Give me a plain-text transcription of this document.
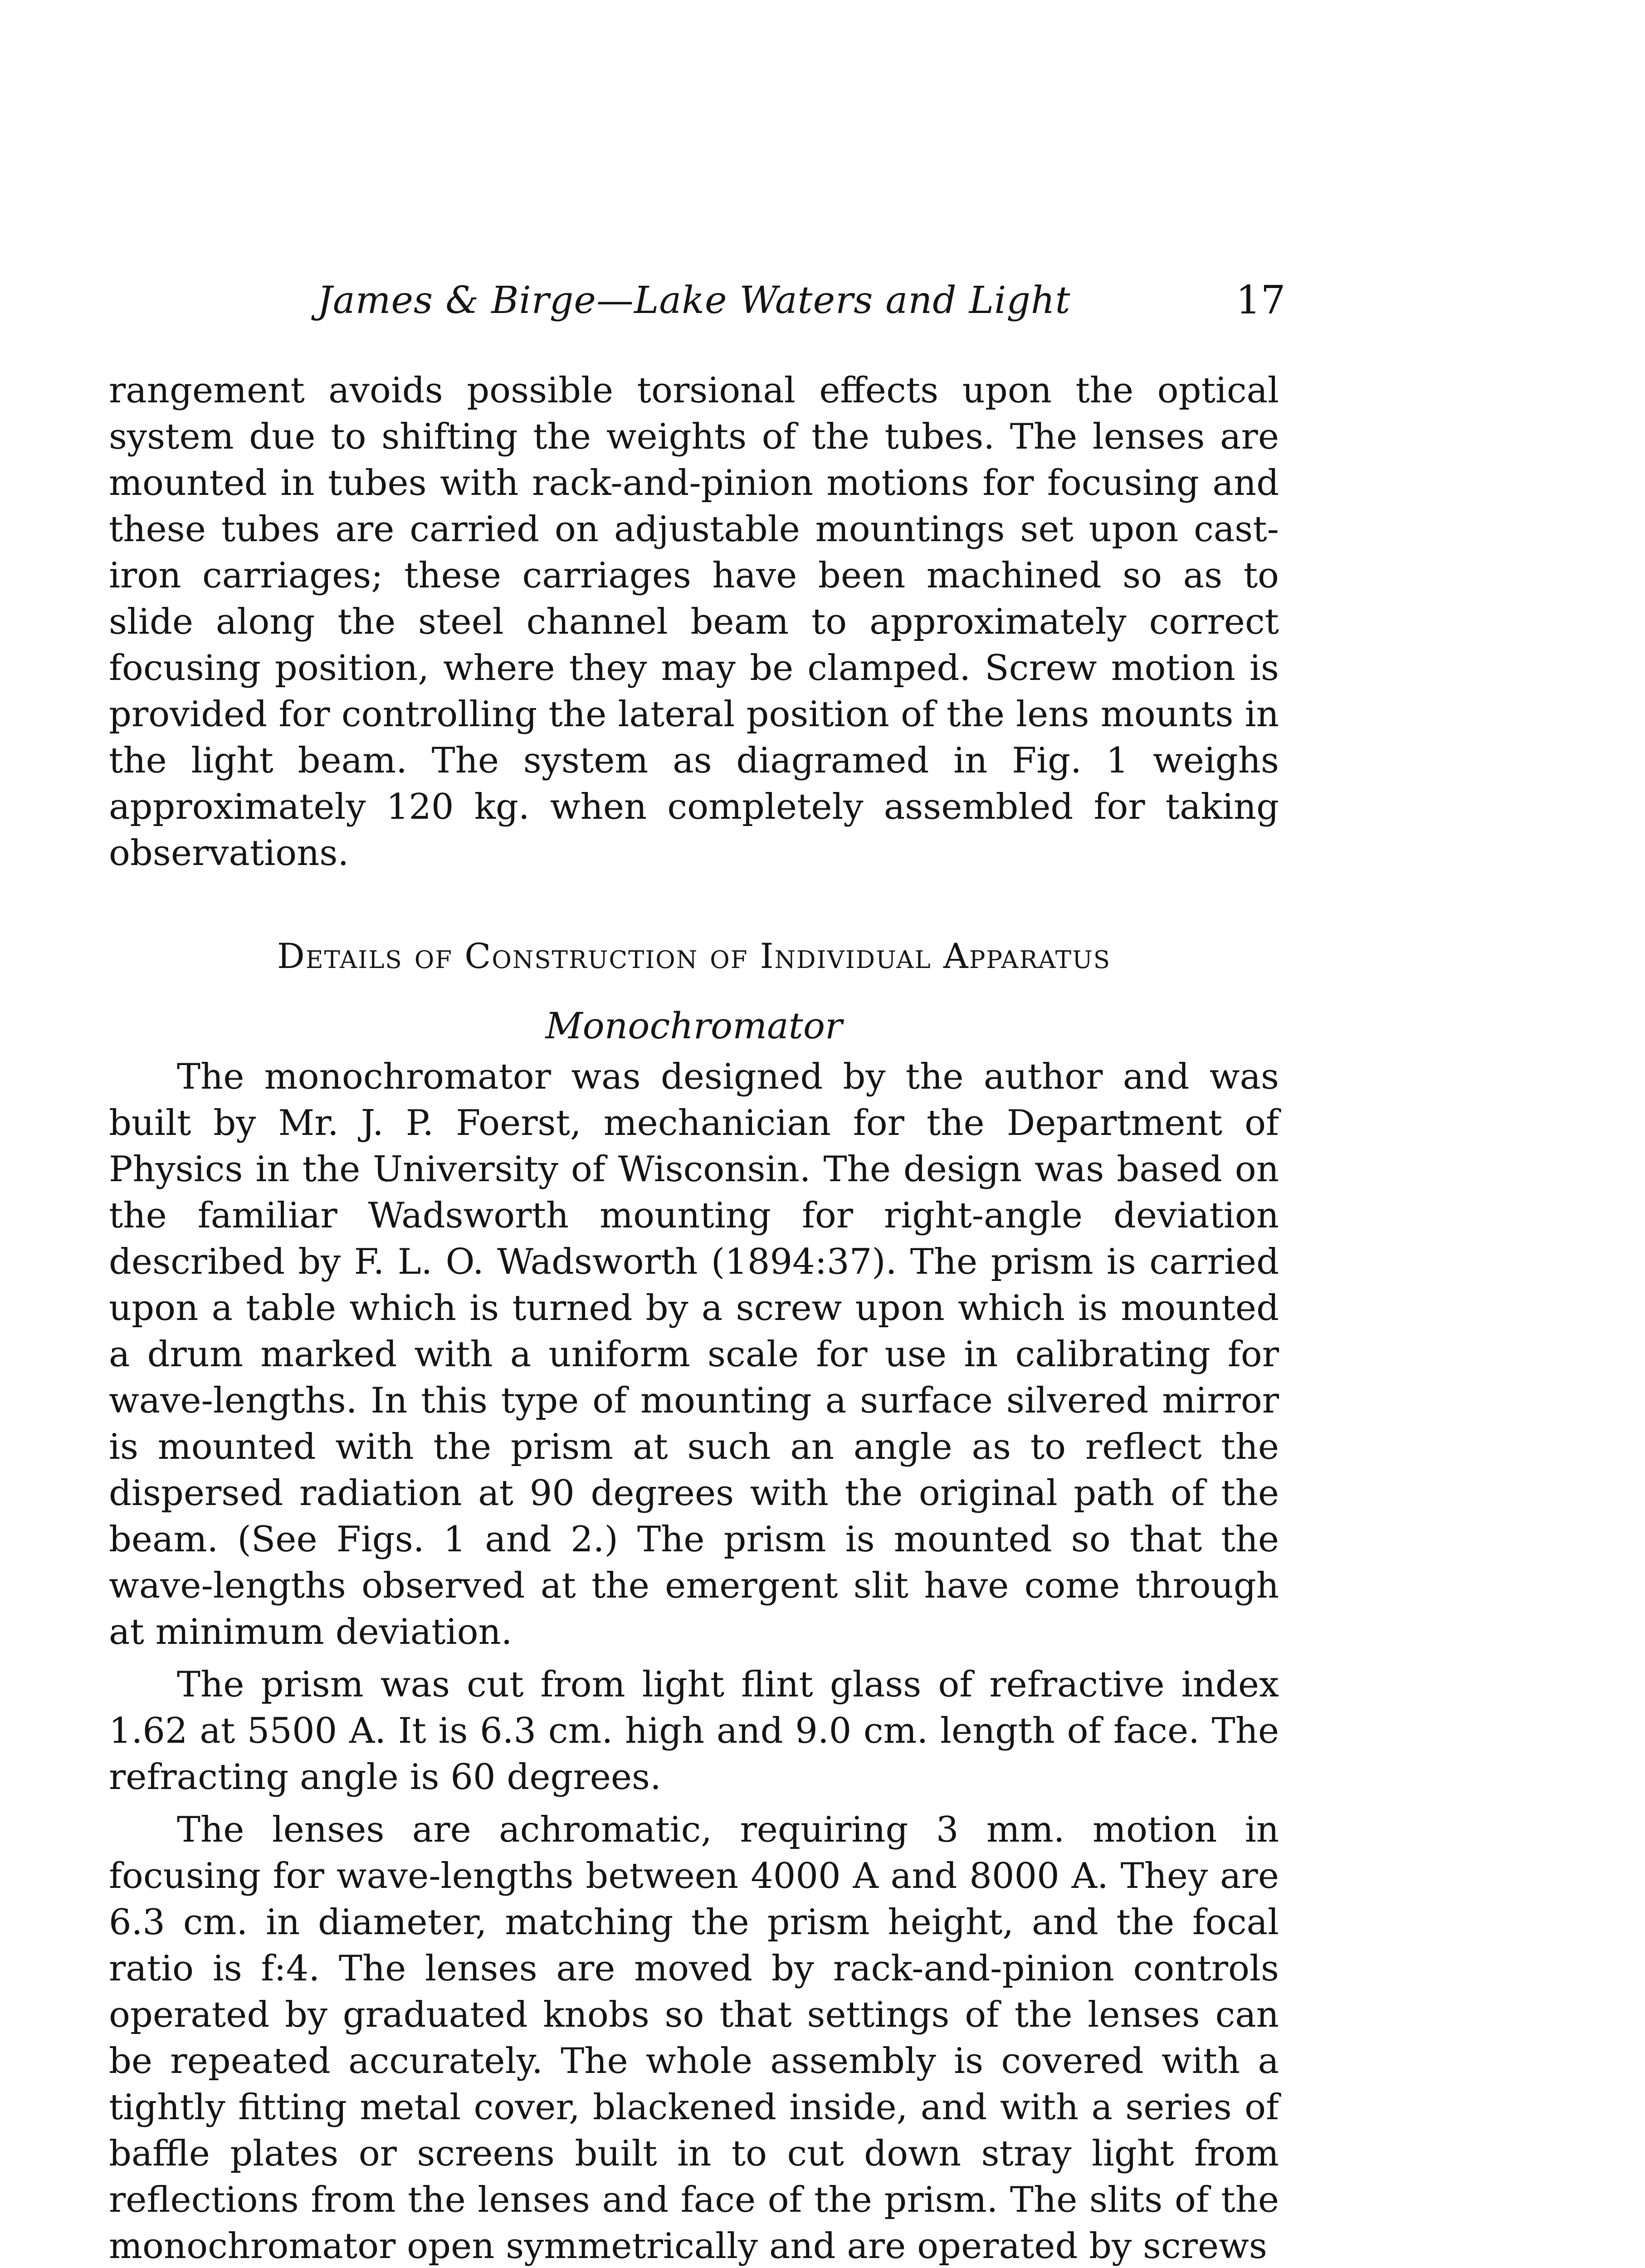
James & Birge—Lake Waters and Light	17

rangement avoids possible torsional effects upon the optical system due to shifting the weights of the tubes. The lenses are mounted in tubes with rack-and-pinion motions for focusing and these tubes are carried on adjustable mountings set upon cast-iron carriages; these carriages have been machined so as to slide along the steel channel beam to approximately correct focusing position, where they may be clamped. Screw motion is provided for controlling the lateral position of the lens mounts in the light beam. The system as diagramed in Fig. 1 weighs approximately 120 kg. when completely assembled for taking observations.

Details of Construction of Individual Apparatus
Monochromator

The monochromator was designed by the author and was built by Mr. J. P. Foerst, mechanician for the Department of Physics in the University of Wisconsin. The design was based on the familiar Wadsworth mounting for right-angle deviation described by F. L. O. Wadsworth (1894:37). The prism is carried upon a table which is turned by a screw upon which is mounted a drum marked with a uniform scale for use in calibrating for wave-lengths. In this type of mounting a surface silvered mirror is mounted with the prism at such an angle as to reflect the dispersed radiation at 90 degrees with the original path of the beam. (See Figs. 1 and 2.) The prism is mounted so that the wave-lengths observed at the emergent slit have come through at minimum deviation.

The prism was cut from light flint glass of refractive index 1.62 at 5500 A. It is 6.3 cm. high and 9.0 cm. length of face. The refracting angle is 60 degrees.

The lenses are achromatic, requiring 3 mm. motion in focusing for wave-lengths between 4000 A and 8000 A. They are 6.3 cm. in diameter, matching the prism height, and the focal ratio is f:4. The lenses are moved by rack-and-pinion controls operated by graduated knobs so that settings of the lenses can be repeated accurately. The whole assembly is covered with a tightly fitting metal cover, blackened inside, and with a series of baffle plates or screens built in to cut down stray light from reflections from the lenses and face of the prism. The slits of the monochromator open symmetrically and are operated by screws
